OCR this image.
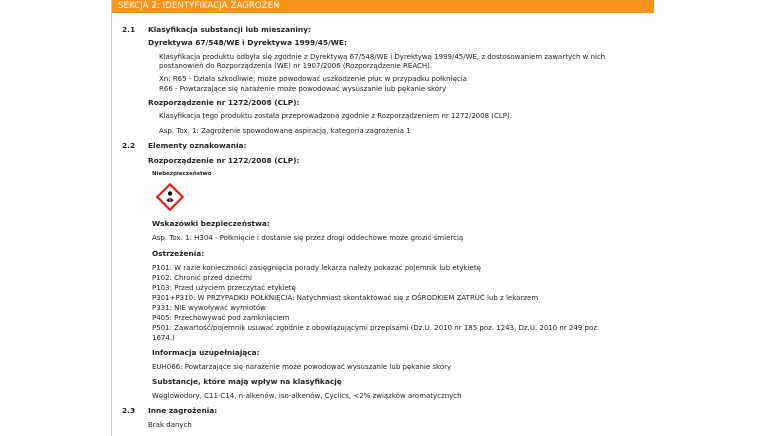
SEKCJA 2: IDENTYFIKACJA ZAGROŻEŃ
2.1 Klasyfikacja substancji lub mieszaniny:
Dyrektywa 67/548/WE i Dyrektywa 1999/45/WE:
Klasyfikacja produktu odbyła się zgodnie z Dyrektywą 67/548/WE i Dyrektywą 1999/45/WE, z dostosowaniem zawartych w nich
postanowień do Rozporządzenia (WE) nr 1907/2006 (Rozporządzenie REACH).
Xn: R65 - Działa szkodliwie; może powodować uszkodzenie płuc w przypadku połknięcia
R66 - Powtarzające się narażenie może powodować wysuszanie lub pękanie skóry
Rozporządzenie nr 1272/2008 (CLP):
Klasyfikacja tego produktu została przeprowadzona zgodnie z Rozporządzeniem nr 1272/2008 (CLP).
Asp. Tox. 1: Zagrożenie spowodowane aspiracją, kategoria zagrożenia 1
2.2 Elementy oznakowania:
Rozporządzenie nr 1272/2008 (CLP):
Niebezpieczeństwo
Wskazówki bezpieczeństwa:
Asp. Tox. 1: H304 - Połknięcie i dostanie się przez drogi oddechowe może grozić śmiercią
Ostrzeżenia:
P101: W razie konieczności zasięgnięcia porady lekarza należy pokazać pojemnik lub etykietę
P102: Chronić przed dziećmi
P103: Przed użyciem przeczytać etykietę
P301+P310: W PRZYPADKU POŁKNIĘCIA: Natychmiast skontaktować się z OŚRODKIEM ZATRUĆ lub z lekarzem
P331: NIE wywoływać wymiotów
P405: Przechowywać pod zamknięciem
P501: Zawartość/pojemnik usuwać zgodnie z obowiązującymi przepisami (Dz.U. 2010 nr 185 poz. 1243, Dz.U. 2010 nr 249 poz.
1674.)
Informacja uzupełniająca:
EUH066: Powtarzające się narażenie może powodować wysuszanie lub pękanie skóry
Substancje, które mają wpływ na klasyfikację
Węglowodory, C11-C14, n-alkenów, iso-alkenów, Cyclics, <2% związków aromatycznych
2.3 Inne zagrożenia:
Brak danych
